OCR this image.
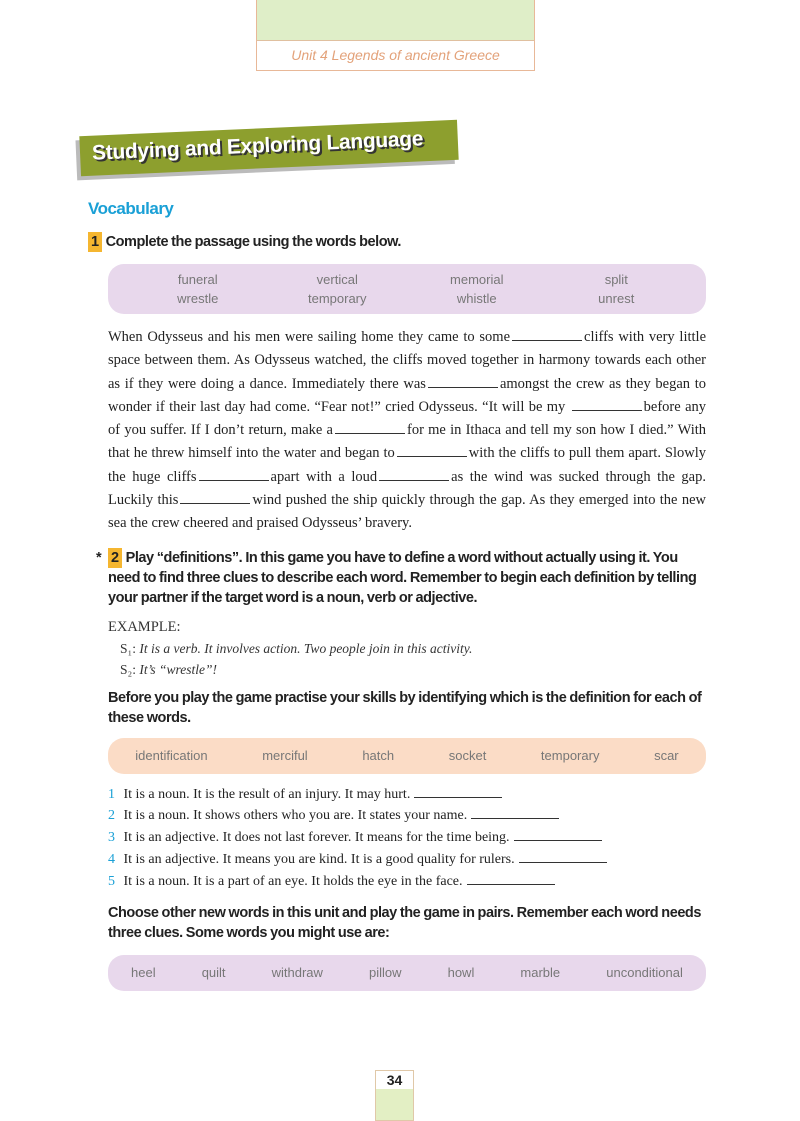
Unit 4 Legends of ancient Greece
Studying and Exploring Language
Vocabulary
1 Complete the passage using the words below.
funeral	vertical	memorial	split
wrestle	temporary	whistle	unrest
When Odysseus and his men were sailing home they came to some	cliffs with very little space between them. As Odysseus watched, the cliffs moved together in harmony towards each other as if they were doing a dance. Immediately there was	amongst the crew as they began to wonder if their last day had come. “Fear not!” cried Odysseus. “It will be my	before any of you suffer. If I don’t return, make a	for me in Ithaca and tell my son how I died.” With that he threw himself into the water and began to	with the cliffs to pull them apart. Slowly the huge cliffs	apart with a loud	as the wind was sucked through the gap. Luckily this	wind pushed the ship quickly through the gap. As they emerged into the new sea the crew cheered and praised Odysseus’ bravery.
* 2 Play “definitions”. In this game you have to define a word without actually using it. You need to find three clues to describe each word. Remember to begin each definition by telling your partner if the target word is a noun, verb or adjective.
EXAMPLE:
S₁: It is a verb. It involves action. Two people join in this activity.
S₂: It’s “wrestle”!
Before you play the game practise your skills by identifying which is the definition for each of these words.
identification	merciful	hatch	socket	temporary	scar
1 It is a noun. It is the result of an injury. It may hurt.
2 It is a noun. It shows others who you are. It states your name.
3 It is an adjective. It does not last forever. It means for the time being.
4 It is an adjective. It means you are kind. It is a good quality for rulers.
5 It is a noun. It is a part of an eye. It holds the eye in the face.
Choose other new words in this unit and play the game in pairs. Remember each word needs three clues. Some words you might use are:
heel	quilt	withdraw	pillow	howl	marble	unconditional
34
